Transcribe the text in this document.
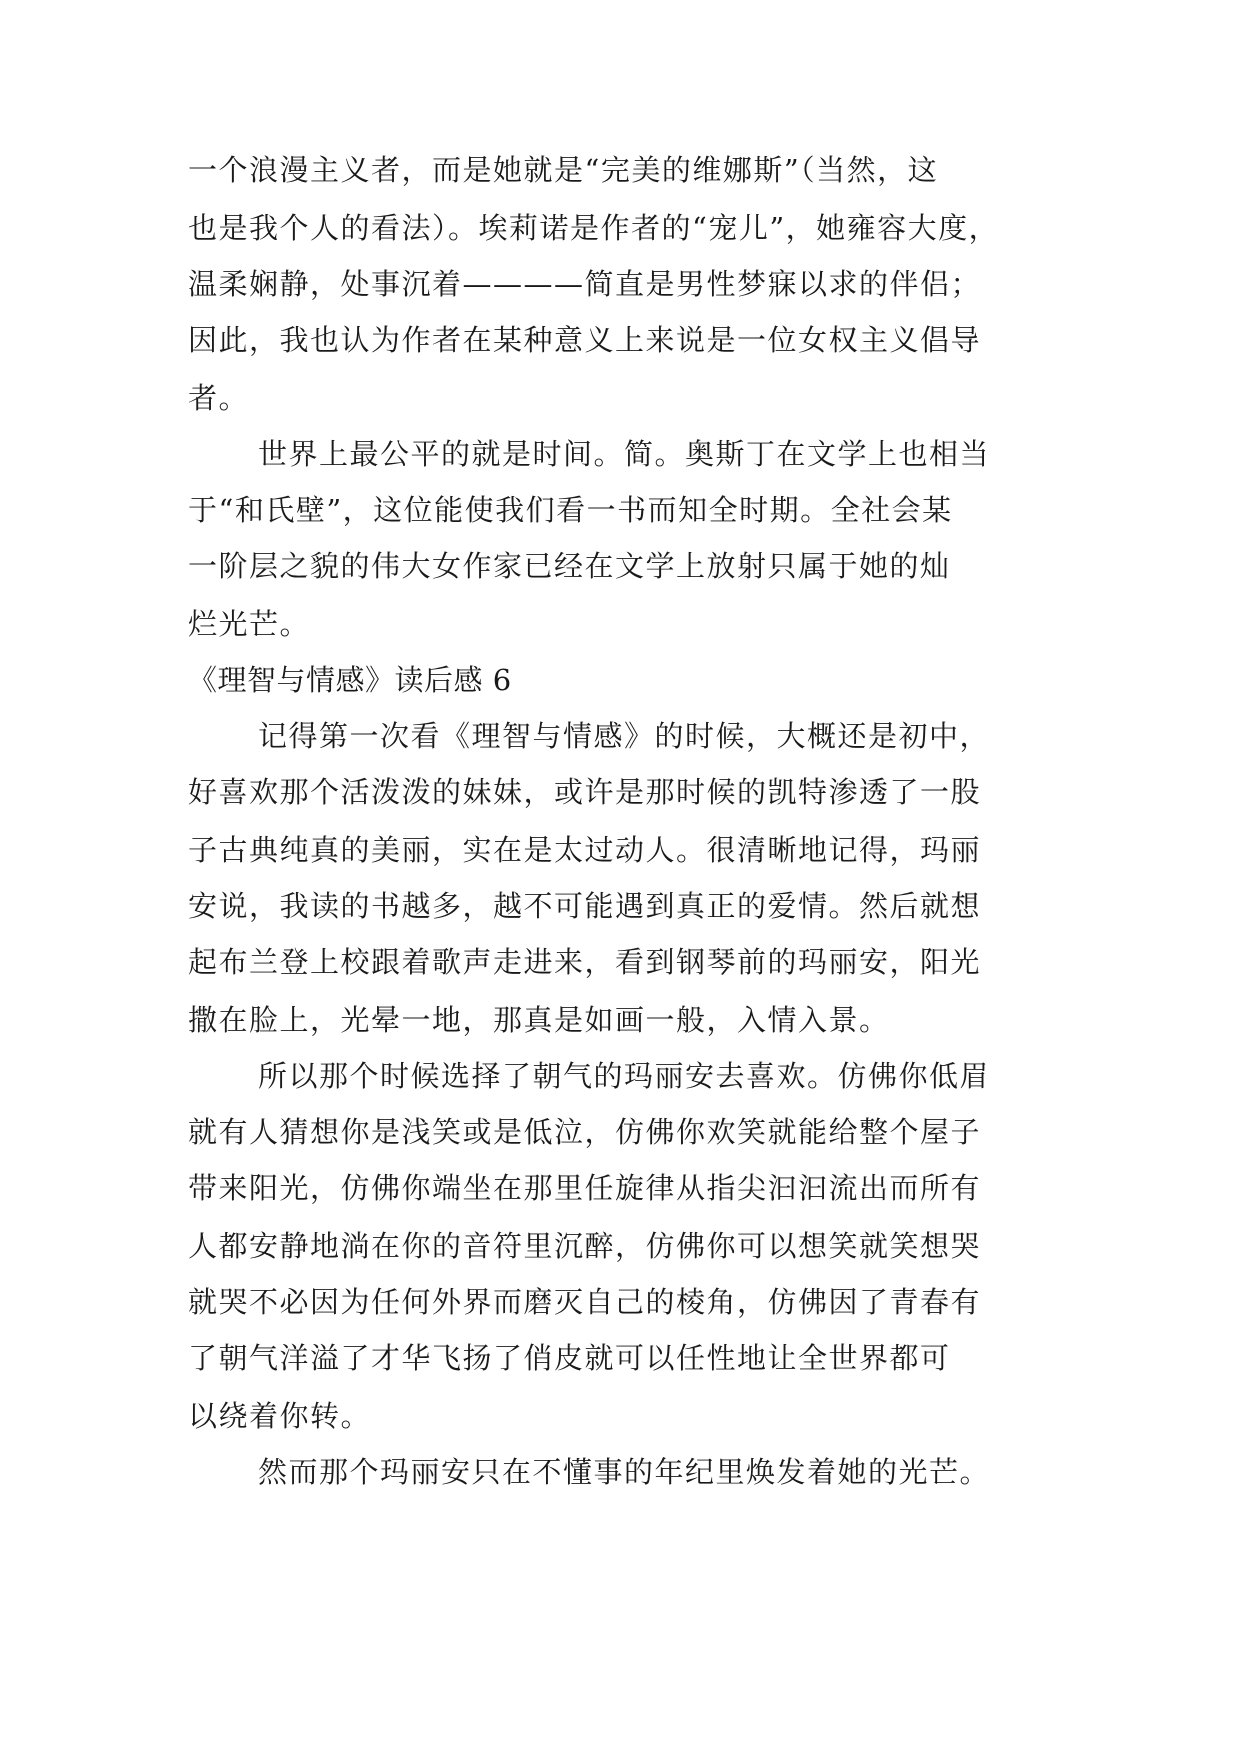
一个浪漫主义者，而是她就是“完美的维娜斯”（当然，这
也是我个人的看法）。埃莉诺是作者的“宠儿”，她雍容大度，
温柔娴静，处事沉着————简直是男性梦寐以求的伴侣；
因此，我也认为作者在某种意义上来说是一位女权主义倡导
者。
世界上最公平的就是时间。简。奥斯丁在文学上也相当
于“和氏壁”，这位能使我们看一书而知全时期。全社会某
一阶层之貌的伟大女作家已经在文学上放射只属于她的灿
烂光芒。
《理智与情感》读后感 6
记得第一次看《理智与情感》的时候，大概还是初中，
好喜欢那个活泼泼的妹妹，或许是那时候的凯特渗透了一股
子古典纯真的美丽，实在是太过动人。很清晰地记得，玛丽
安说，我读的书越多，越不可能遇到真正的爱情。然后就想
起布兰登上校跟着歌声走进来，看到钢琴前的玛丽安，阳光
撒在脸上，光晕一地，那真是如画一般，入情入景。
所以那个时候选择了朝气的玛丽安去喜欢。仿佛你低眉
就有人猜想你是浅笑或是低泣，仿佛你欢笑就能给整个屋子
带来阳光，仿佛你端坐在那里任旋律从指尖汩汩流出而所有
人都安静地淌在你的音符里沉醉，仿佛你可以想笑就笑想哭
就哭不必因为任何外界而磨灭自己的棱角，仿佛因了青春有
了朝气洋溢了才华飞扬了俏皮就可以任性地让全世界都可
以绕着你转。
然而那个玛丽安只在不懂事的年纪里焕发着她的光芒。
